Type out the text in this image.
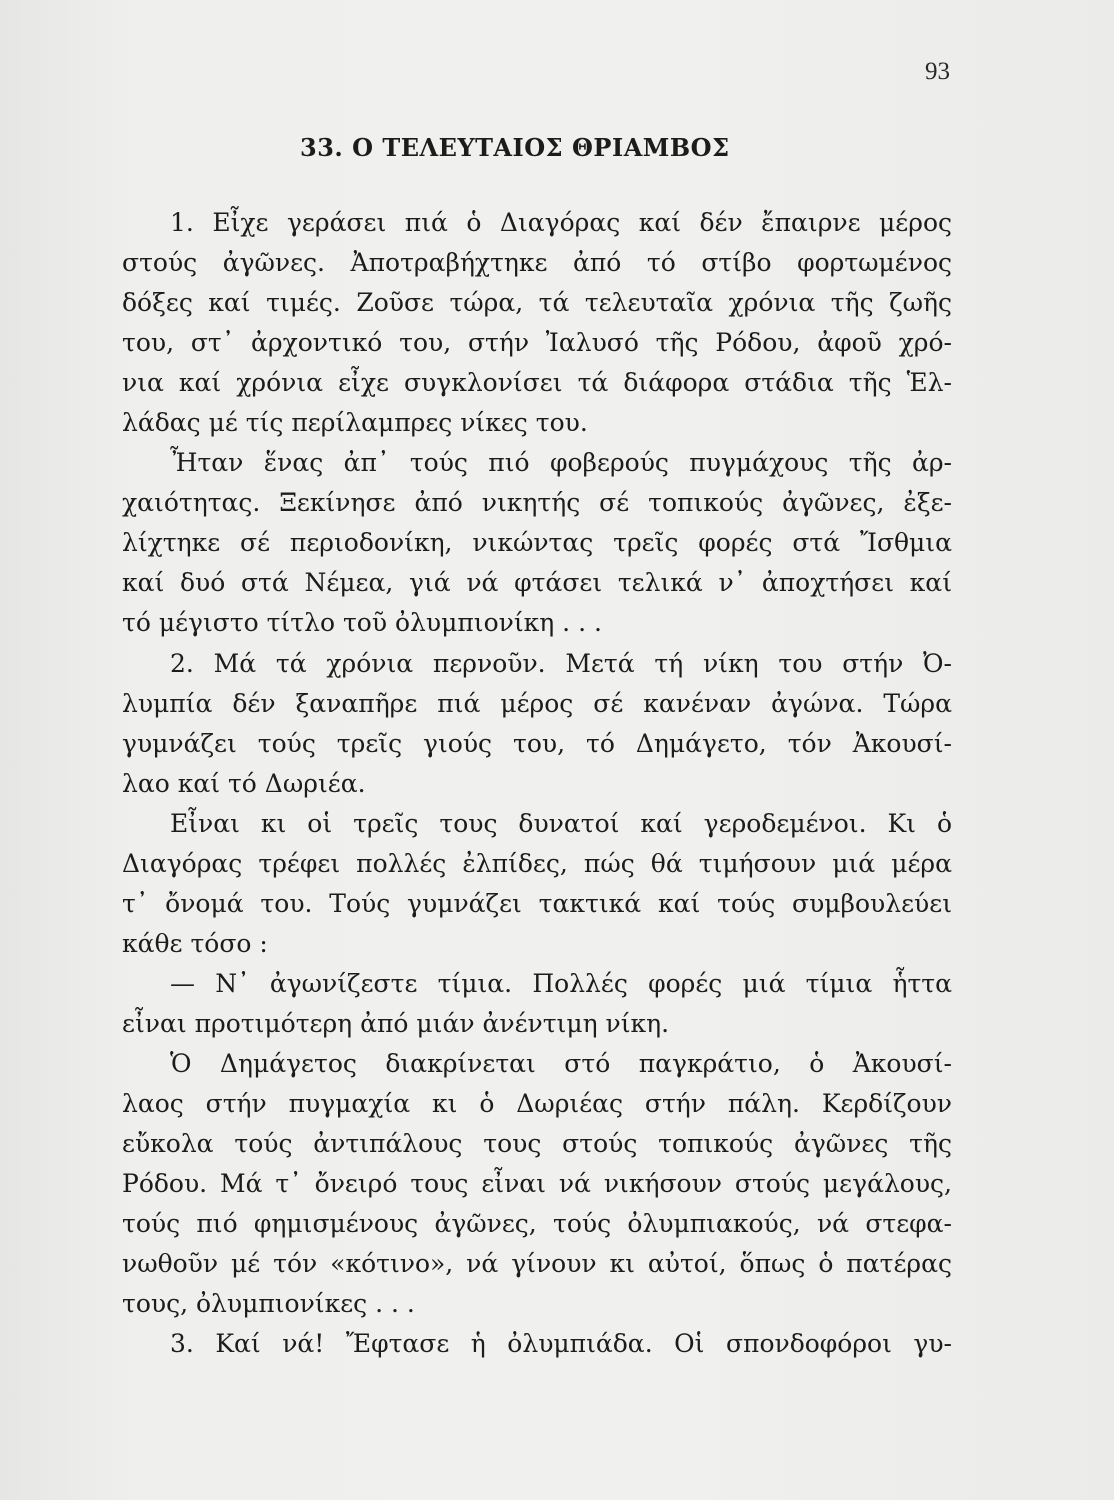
93
33. Ο ΤΕΛΕΥΤΑΙΟΣ ΘΡΙΑΜΒΟΣ
1. Εἶχε γεράσει πιά ὁ Διαγόρας καί δέν ἔπαιρνε μέρος
στούς ἀγῶνες. Ἀποτραβήχτηκε ἀπό τό στίβο φορτωμένος
δόξες καί τιμές. Ζοῦσε τώρα, τά τελευταῖα χρόνια τῆς ζωῆς
του, στ᾽ ἀρχοντικό του, στήν Ἰαλυσό τῆς Ρόδου, ἀφοῦ χρό-
νια καί χρόνια εἶχε συγκλονίσει τά διάφορα στάδια τῆς Ἑλ-
λάδας μέ τίς περίλαμπρες νίκες του.
Ἦταν ἕνας ἀπ᾽ τούς πιό φοβερούς πυγμάχους τῆς ἀρ-
χαιότητας. Ξεκίνησε ἀπό νικητής σέ τοπικούς ἀγῶνες, ἐξε-
λίχτηκε σέ περιοδονίκη, νικώντας τρεῖς φορές στά Ἴσθμια
καί δυό στά Νέμεα, γιά νά φτάσει τελικά ν᾽ ἀποχτήσει καί
τό μέγιστο τίτλο τοῦ ὀλυμπιονίκη . . .
2. Μά τά χρόνια περνοῦν. Μετά τή νίκη του στήν Ὀ-
λυμπία δέν ξαναπῆρε πιά μέρος σέ κανέναν ἀγώνα. Τώρα
γυμνάζει τούς τρεῖς γιούς του, τό Δημάγετο, τόν Ἀκουσί-
λαο καί τό Δωριέα.
Εἶναι κι οἱ τρεῖς τους δυνατοί καί γεροδεμένοι. Κι ὁ
Διαγόρας τρέφει πολλές ἐλπίδες, πώς θά τιμήσουν μιά μέρα
τ᾽ ὄνομά του. Τούς γυμνάζει τακτικά καί τούς συμβουλεύει
κάθε τόσο :
— Ν᾽ ἀγωνίζεστε τίμια. Πολλές φορές μιά τίμια ἧττα
εἶναι προτιμότερη ἀπό μιάν ἀνέντιμη νίκη.
Ὁ Δημάγετος διακρίνεται στό παγκράτιο, ὁ Ἀκουσί-
λαος στήν πυγμαχία κι ὁ Δωριέας στήν πάλη. Κερδίζουν
εὔκολα τούς ἀντιπάλους τους στούς τοπικούς ἀγῶνες τῆς
Ρόδου. Μά τ᾽ ὄνειρό τους εἶναι νά νικήσουν στούς μεγάλους,
τούς πιό φημισμένους ἀγῶνες, τούς ὀλυμπιακούς, νά στεφα-
νωθοῦν μέ τόν «κότινο», νά γίνουν κι αὐτοί, ὅπως ὁ πατέρας
τους, ὀλυμπιονίκες . . .
3. Καί νά! Ἔφτασε ἡ ὀλυμπιάδα. Οἱ σπονδοφόροι γυ-
